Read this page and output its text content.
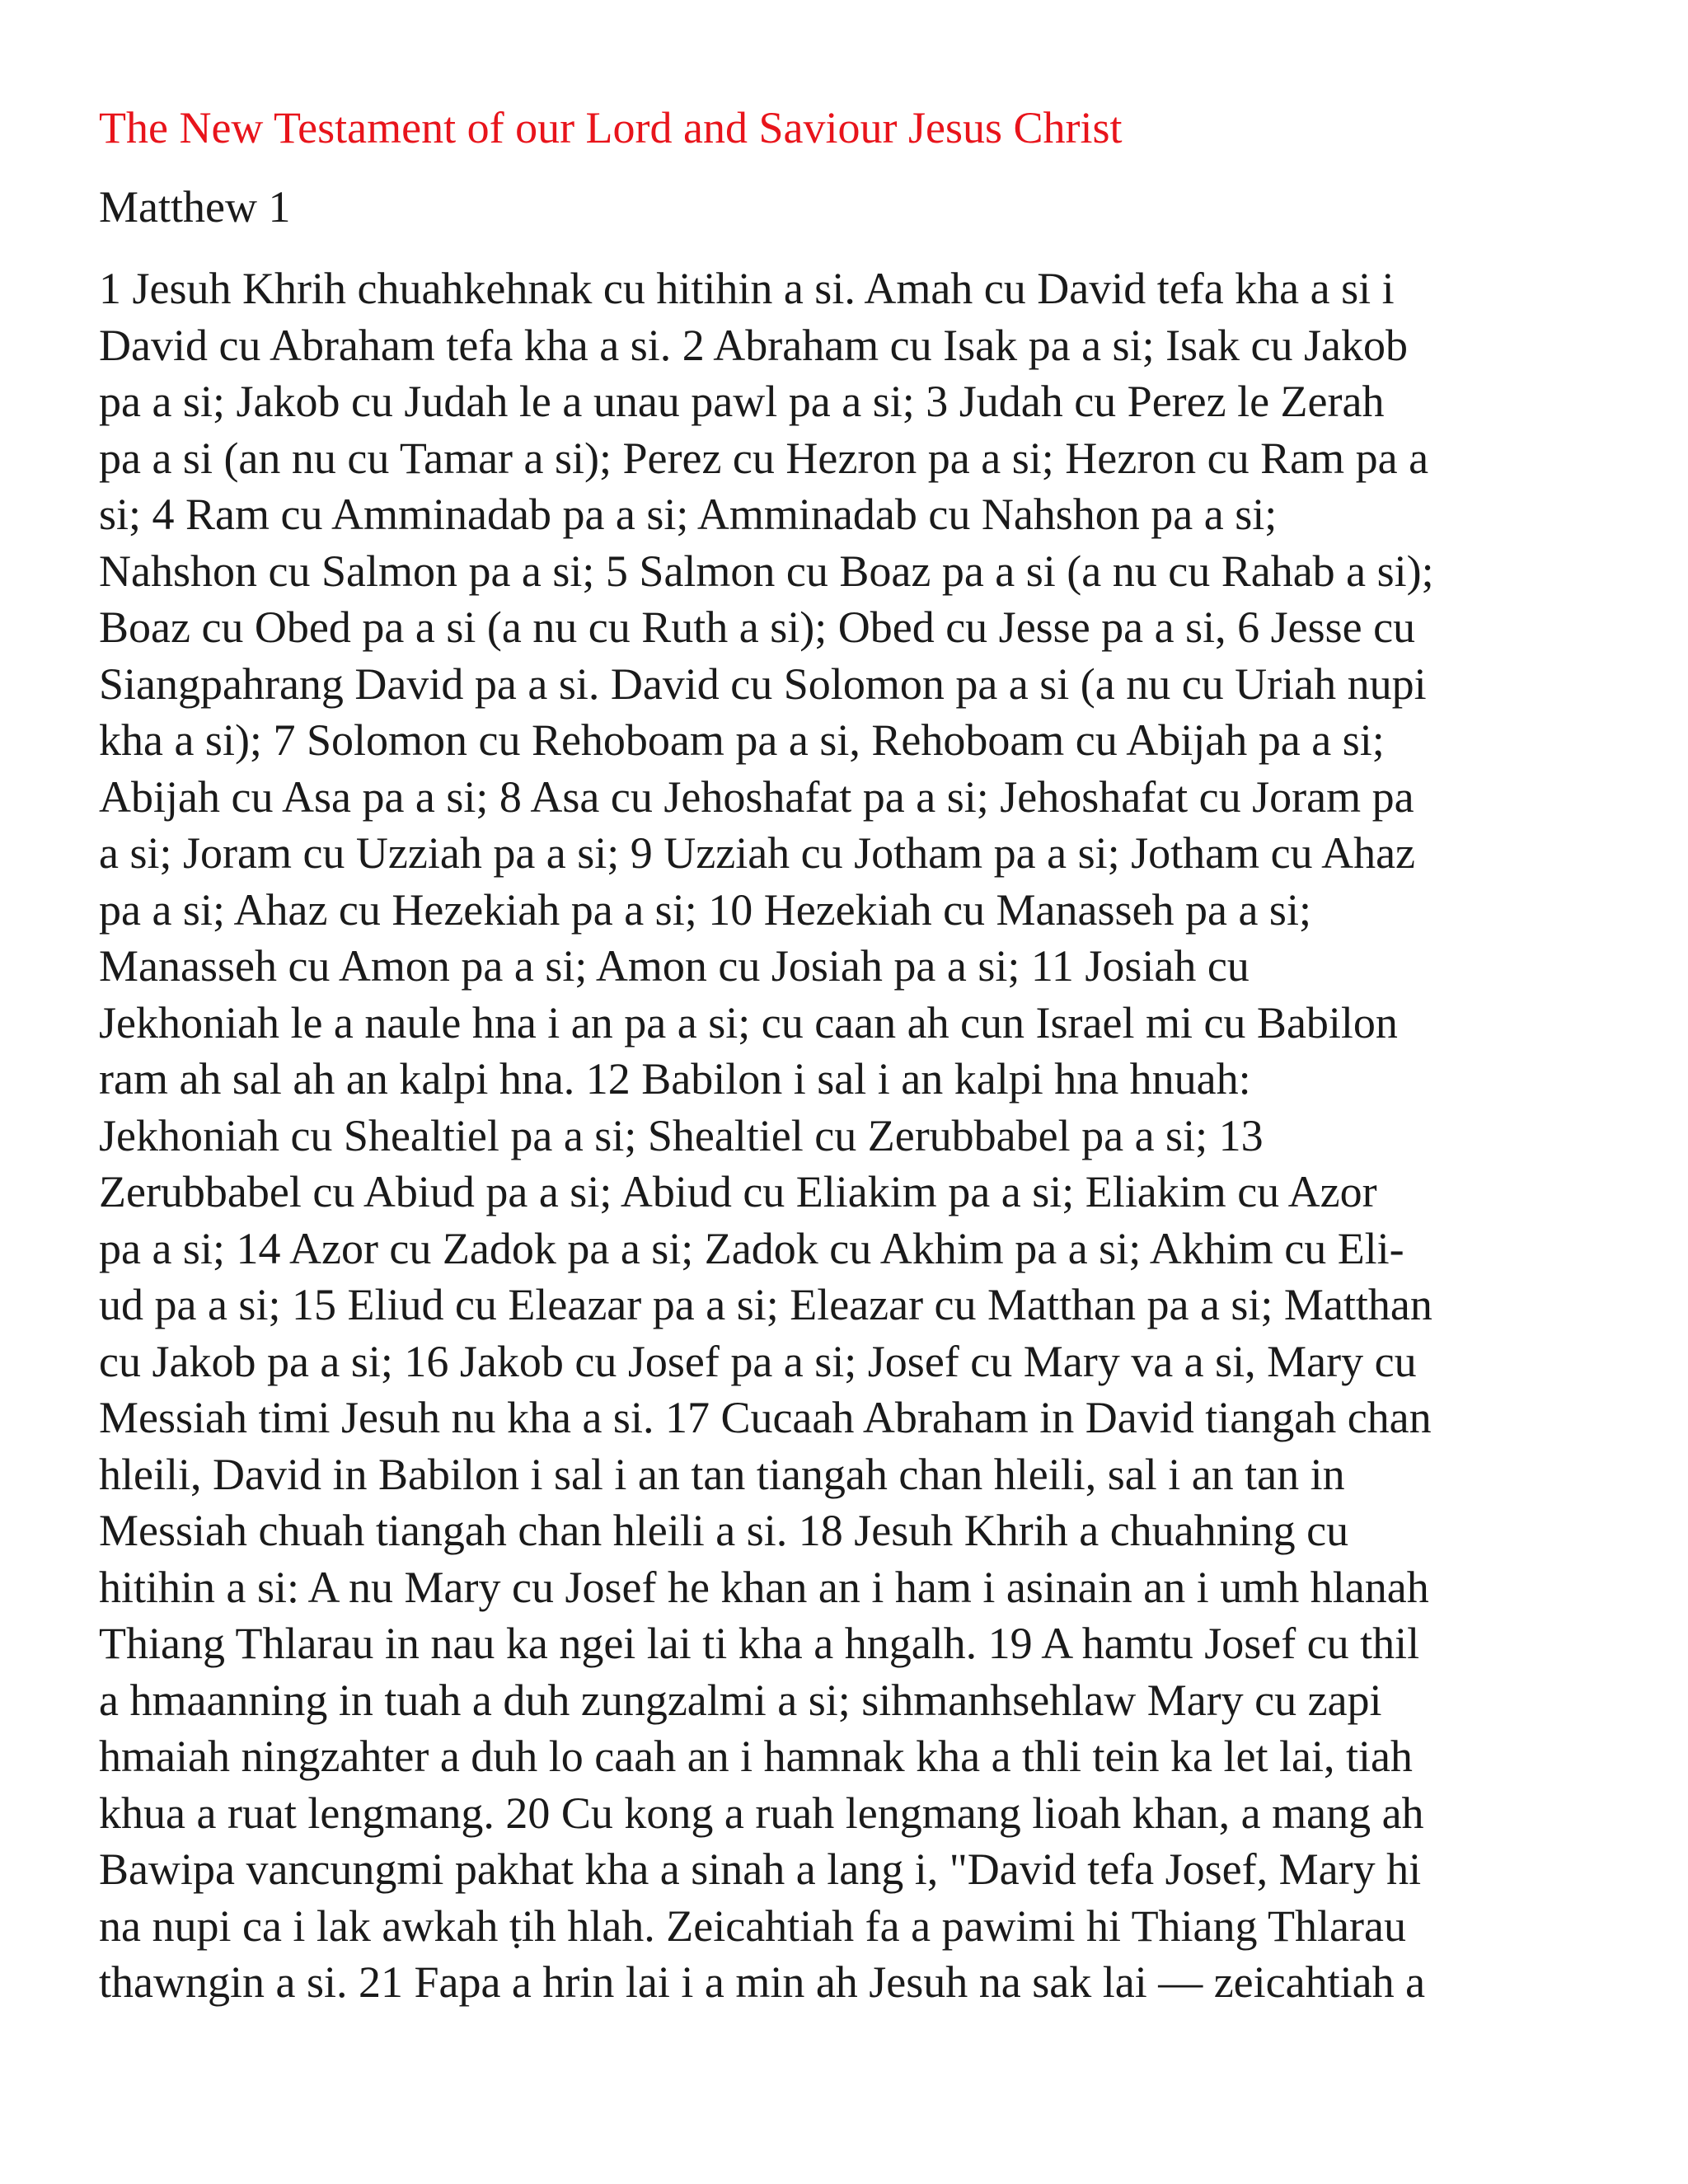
The New Testament of our Lord and Saviour Jesus Christ
Matthew 1

1 Jesuh Khrih chuahkehnak cu hitihin a si. Amah cu David tefa kha a si i
David cu Abraham tefa kha a si. 2 Abraham cu Isak pa a si; Isak cu Jakob
pa a si; Jakob cu Judah le a unau pawl pa a si; 3 Judah cu Perez le Zerah
pa a si (an nu cu Tamar a si); Perez cu Hezron pa a si; Hezron cu Ram pa a
si; 4 Ram cu Amminadab pa a si; Amminadab cu Nahshon pa a si;
Nahshon cu Salmon pa a si; 5 Salmon cu Boaz pa a si (a nu cu Rahab a si);
Boaz cu Obed pa a si (a nu cu Ruth a si); Obed cu Jesse pa a si, 6 Jesse cu
Siangpahrang David pa a si. David cu Solomon pa a si (a nu cu Uriah nupi
kha a si); 7 Solomon cu Rehoboam pa a si, Rehoboam cu Abijah pa a si;
Abijah cu Asa pa a si; 8 Asa cu Jehoshafat pa a si; Jehoshafat cu Joram pa
a si; Joram cu Uzziah pa a si; 9 Uzziah cu Jotham pa a si; Jotham cu Ahaz
pa a si; Ahaz cu Hezekiah pa a si; 10 Hezekiah cu Manasseh pa a si;
Manasseh cu Amon pa a si; Amon cu Josiah pa a si; 11 Josiah cu
Jekhoniah le a naule hna i an pa a si; cu caan ah cun Israel mi cu Babilon
ram ah sal ah an kalpi hna. 12 Babilon i sal i an kalpi hna hnuah:
Jekhoniah cu Shealtiel pa a si; Shealtiel cu Zerubbabel pa a si; 13
Zerubbabel cu Abiud pa a si; Abiud cu Eliakim pa a si; Eliakim cu Azor
pa a si; 14 Azor cu Zadok pa a si; Zadok cu Akhim pa a si; Akhim cu Eli-
ud pa a si; 15 Eliud cu Eleazar pa a si; Eleazar cu Matthan pa a si; Matthan
cu Jakob pa a si; 16 Jakob cu Josef pa a si; Josef cu Mary va a si, Mary cu
Messiah timi Jesuh nu kha a si. 17 Cucaah Abraham in David tiangah chan
hleili, David in Babilon i sal i an tan tiangah chan hleili, sal i an tan in
Messiah chuah tiangah chan hleili a si. 18 Jesuh Khrih a chuahning cu
hitihin a si: A nu Mary cu Josef he khan an i ham i asinain an i umh hlanah
Thiang Thlarau in nau ka ngei lai ti kha a hngalh. 19 A hamtu Josef cu thil
a hmaanning in tuah a duh zungzalmi a si; sihmanhsehlaw Mary cu zapi
hmaiah ningzahter a duh lo caah an i hamnak kha a thli tein ka let lai, tiah
khua a ruat lengmang. 20 Cu kong a ruah lengmang lioah khan, a mang ah
Bawipa vancungmi pakhat kha a sinah a lang i, "David tefa Josef, Mary hi
na nupi ca i lak awkah ṭih hlah. Zeicahtiah fa a pawimi hi Thiang Thlarau
thawngin a si. 21 Fapa a hrin lai i a min ah Jesuh na sak lai — zeicahtiah a
